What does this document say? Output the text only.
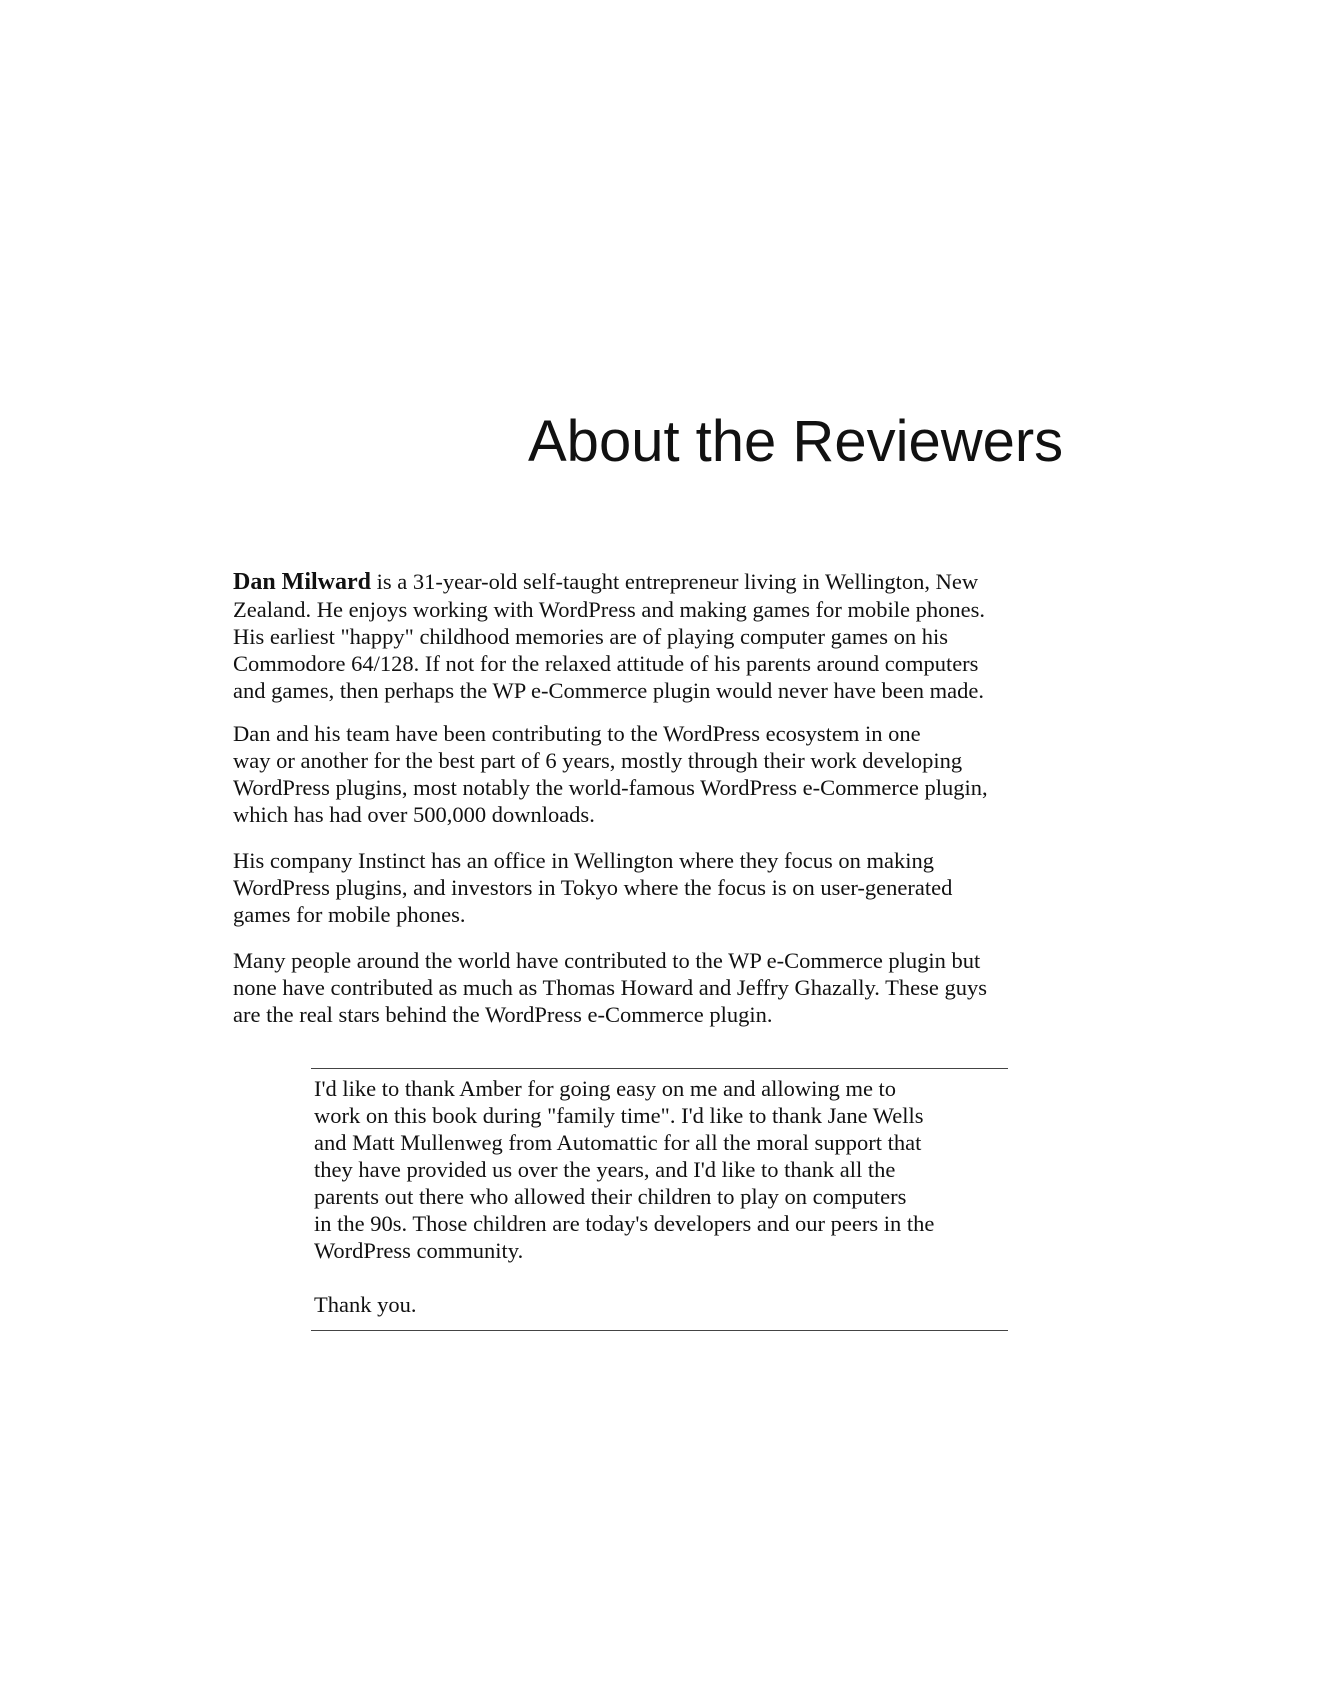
About the Reviewers
Dan Milward is a 31-year-old self-taught entrepreneur living in Wellington, New
Zealand. He enjoys working with WordPress and making games for mobile phones.
His earliest "happy" childhood memories are of playing computer games on his
Commodore 64/128. If not for the relaxed attitude of his parents around computers
and games, then perhaps the WP e-Commerce plugin would never have been made.
Dan and his team have been contributing to the WordPress ecosystem in one
way or another for the best part of 6 years, mostly through their work developing
WordPress plugins, most notably the world-famous WordPress e-Commerce plugin,
which has had over 500,000 downloads.
His company Instinct has an office in Wellington where they focus on making
WordPress plugins, and investors in Tokyo where the focus is on user-generated
games for mobile phones.
Many people around the world have contributed to the WP e-Commerce plugin but
none have contributed as much as Thomas Howard and Jeffry Ghazally. These guys
are the real stars behind the WordPress e-Commerce plugin.
I'd like to thank Amber for going easy on me and allowing me to
work on this book during "family time". I'd like to thank Jane Wells
and Matt Mullenweg from Automattic for all the moral support that
they have provided us over the years, and I'd like to thank all the
parents out there who allowed their children to play on computers
in the 90s. Those children are today's developers and our peers in the
WordPress community.
Thank you.
